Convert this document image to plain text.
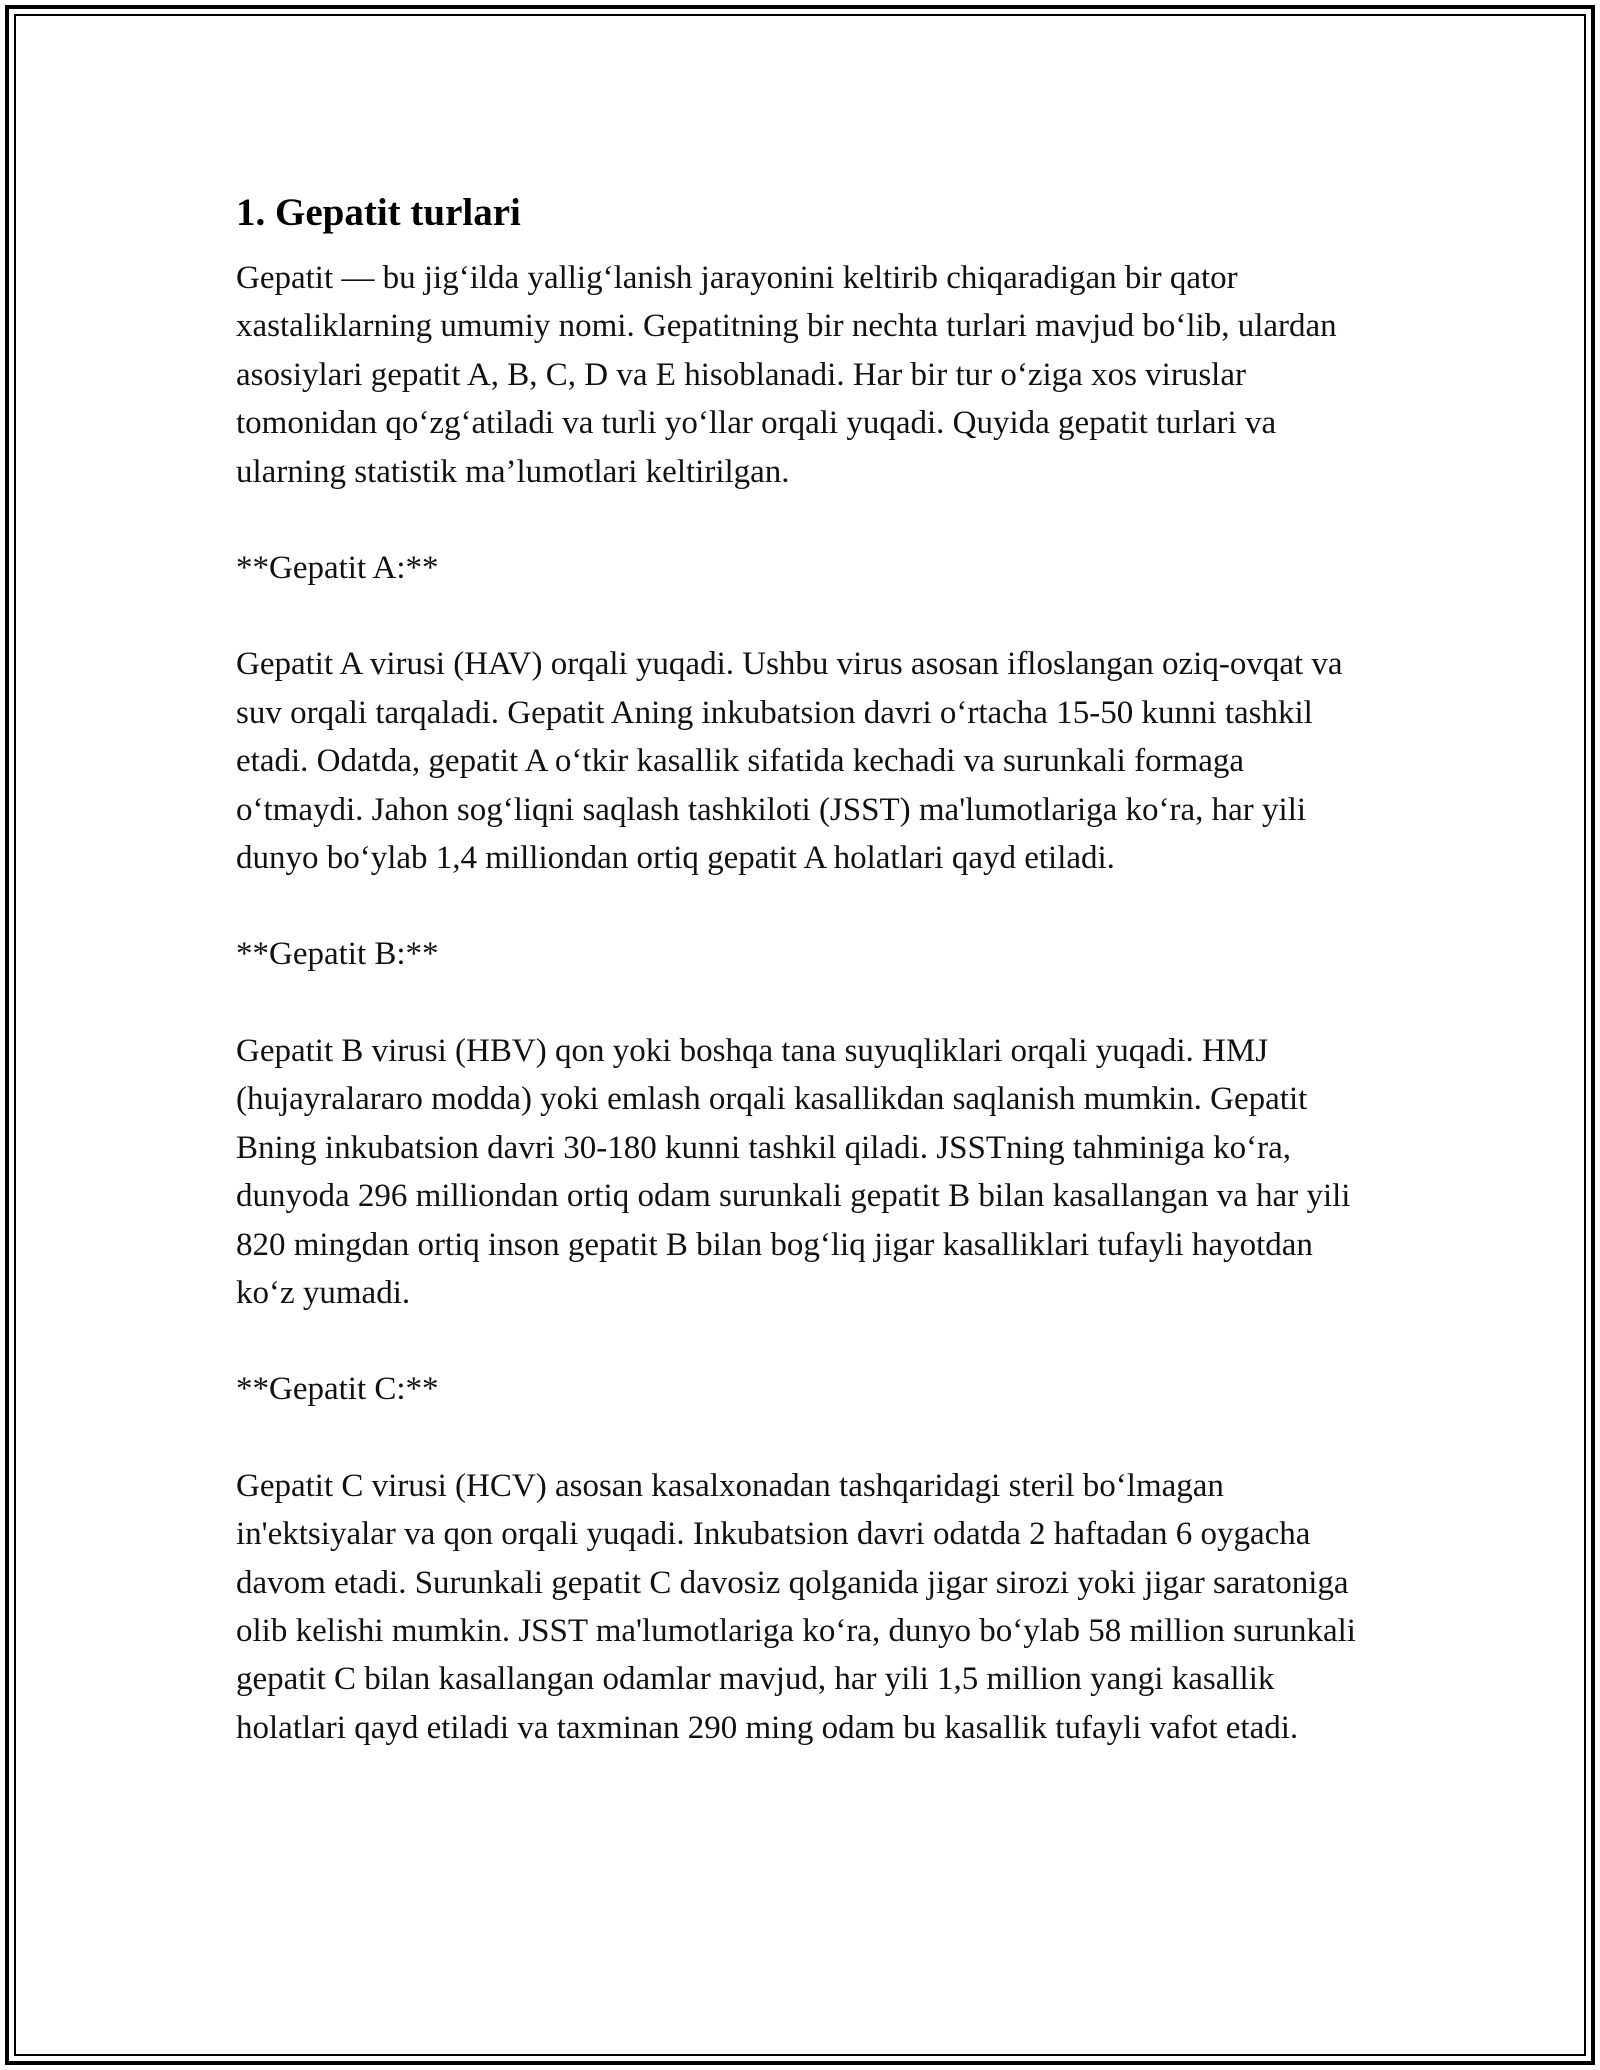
1. Gepatit turlari

Gepatit — bu jig‘ilda yallig‘lanish jarayonini keltirib chiqaradigan bir qator xastaliklarning umumiy nomi. Gepatitning bir nechta turlari mavjud bo‘lib, ulardan asosiylari gepatit A, B, C, D va E hisoblanadi. Har bir tur o‘ziga xos viruslar tomonidan qo‘zg‘atiladi va turli yo‘llar orqali yuqadi. Quyida gepatit turlari va ularning statistik ma’lumotlari keltirilgan.

**Gepatit A:**

Gepatit A virusi (HAV) orqali yuqadi. Ushbu virus asosan ifloslangan oziq-ovqat va suv orqali tarqaladi. Gepatit Aning inkubatsion davri o‘rtacha 15-50 kunni tashkil etadi. Odatda, gepatit A o‘tkir kasallik sifatida kechadi va surunkali formaga o‘tmaydi. Jahon sog‘liqni saqlash tashkiloti (JSST) ma'lumotlariga ko‘ra, har yili dunyo bo‘ylab 1,4 milliondan ortiq gepatit A holatlari qayd etiladi.

**Gepatit B:**

Gepatit B virusi (HBV) qon yoki boshqa tana suyuqliklari orqali yuqadi. HMJ (hujayralararo modda) yoki emlash orqali kasallikdan saqlanish mumkin. Gepatit Bning inkubatsion davri 30-180 kunni tashkil qiladi. JSSTning tahminiga ko‘ra, dunyoda 296 milliondan ortiq odam surunkali gepatit B bilan kasallangan va har yili 820 mingdan ortiq inson gepatit B bilan bog‘liq jigar kasalliklari tufayli hayotdan ko‘z yumadi.

**Gepatit C:**

Gepatit C virusi (HCV) asosan kasalxonadan tashqaridagi steril bo‘lmagan in'ektsiyalar va qon orqali yuqadi. Inkubatsion davri odatda 2 haftadan 6 oygacha davom etadi. Surunkali gepatit C davosiz qolganida jigar sirozi yoki jigar saratoniga olib kelishi mumkin. JSST ma'lumotlariga ko‘ra, dunyo bo‘ylab 58 million surunkali gepatit C bilan kasallangan odamlar mavjud, har yili 1,5 million yangi kasallik holatlari qayd etiladi va taxminan 290 ming odam bu kasallik tufayli vafot etadi.
